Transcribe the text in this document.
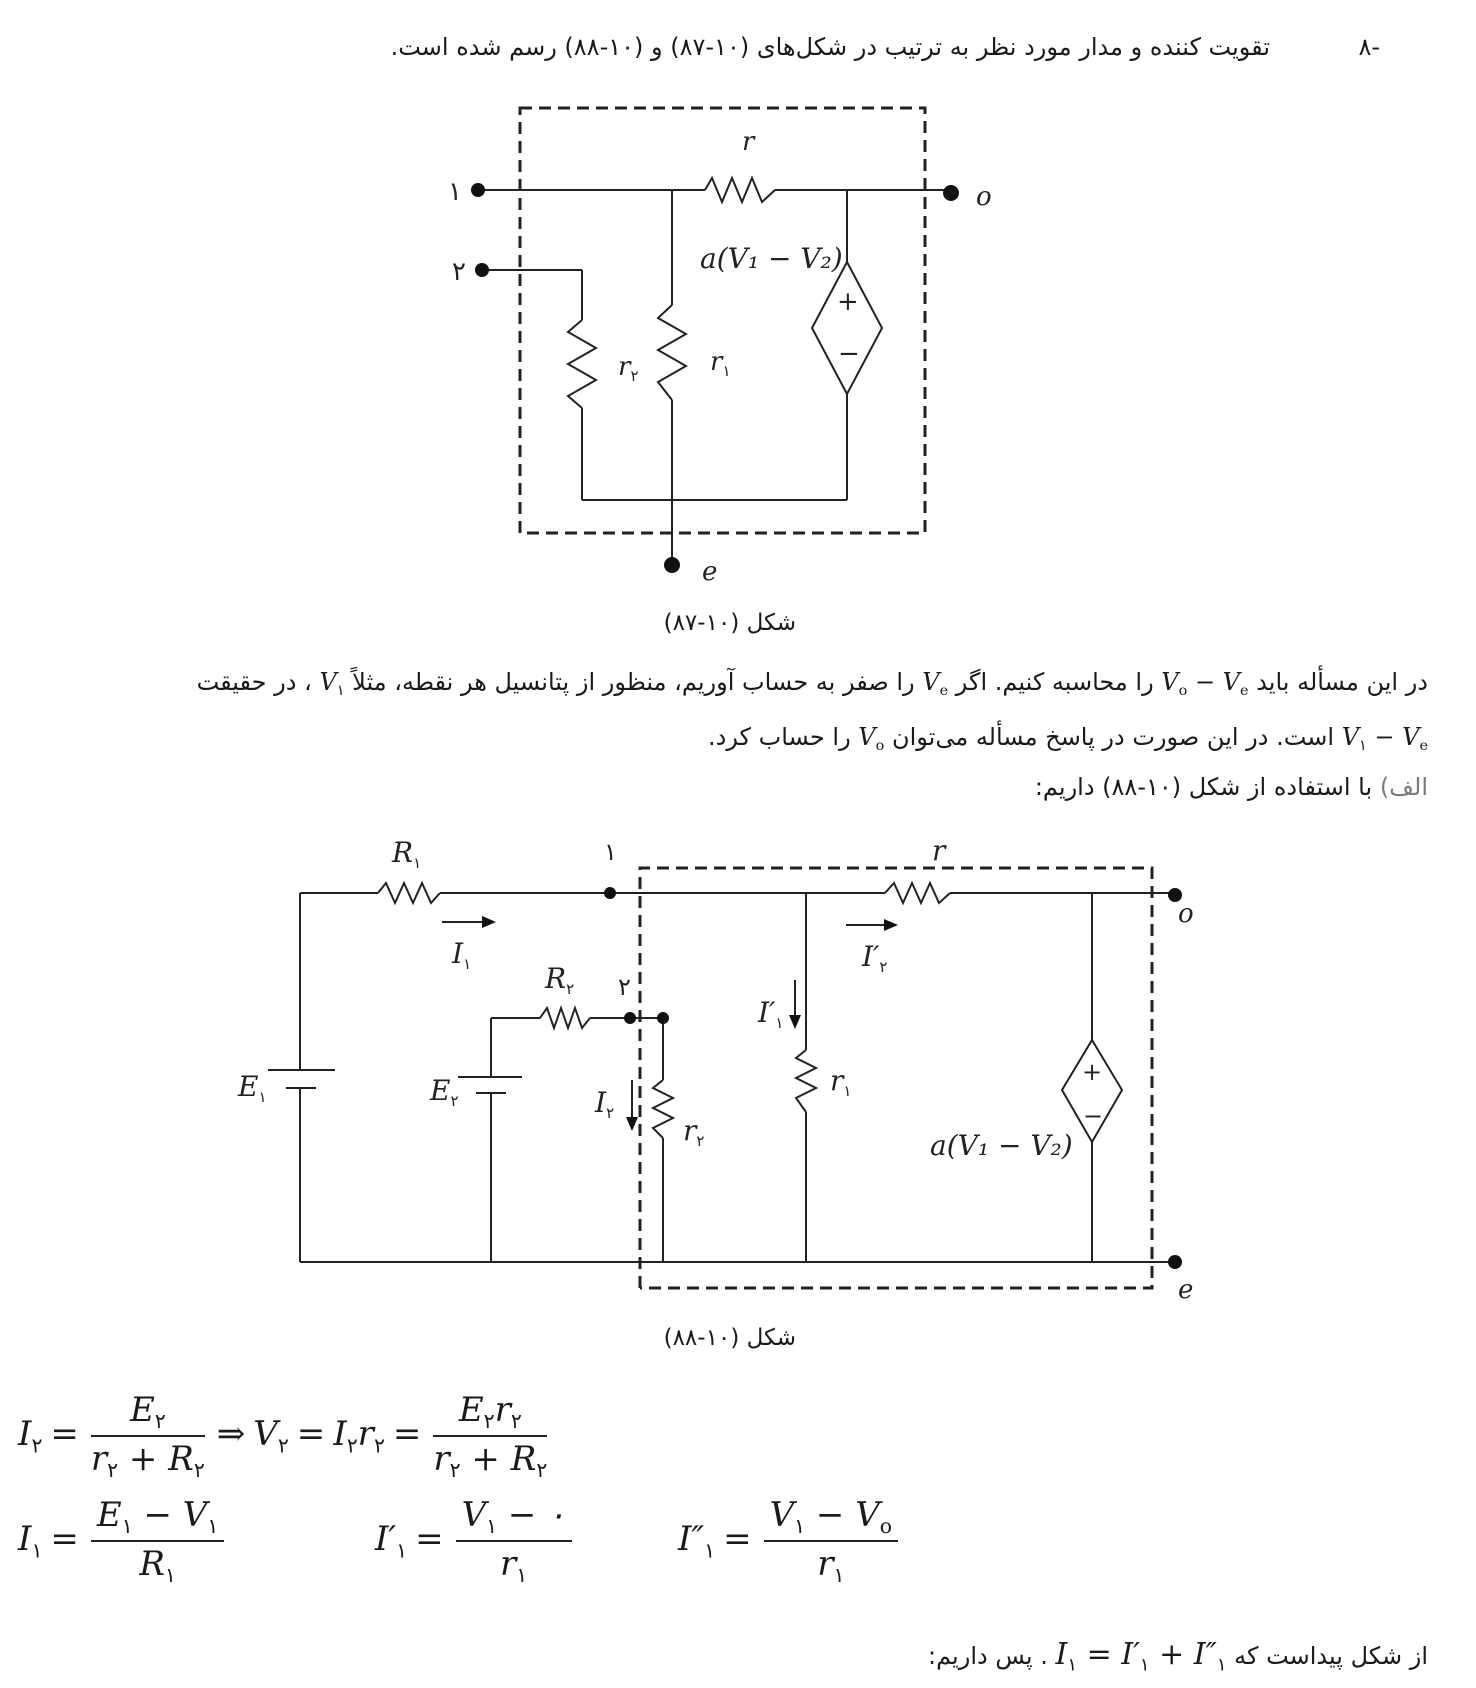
-۸
تقویت کننده و مدار مورد نظر به ترتیب در شکل‌های (۱۰-۸۷) و (۱۰-۸۸) رسم شده است.
۱
۲
r
o
e
$r_۲$	$r_۱$
a(V₁ − V₂)
+
−
شکل (۱۰-۸۷)
در این مسأله باید $V_o - V_e$ را محاسبه کنیم. اگر $V_e$ را صفر به حساب آوریم، منظور از پتانسیل هر نقطه، مثلاً $V_۱$ ، در حقیقت
$V_۱ - V_e$ است. در این صورت در پاسخ مسأله می‌توان $V_o$ را حساب کرد.
الف) با استفاده از شکل (۱۰-۸۸) داریم:
$R_۱$	۱	r
o
e
$I_۱$	$I'_۲$
$R_۲$ ۲
$I'_۱$
$E_۱$	$E_۲$
$r_۱$
$I_۲$
$r_۲$	a(V₁ − V₂)
+
−
شکل (۱۰-۸۸)
$I_۲ = \frac{E_۲}{r_۲ + R_۲}$ ⇒ $V_۲ = I_۲r_۲ = \frac{E_۲r_۲}{r_۲ + R_۲}$
$I_۱ = \frac{E_۱ - V_۱}{R_۱}$	$I'_۱ = \frac{V_۱ - ۰}{r_۱}$	$I''_۱ = \frac{V_۱ - V_o}{r_۱}$
از شکل پیداست که $I_۱ = I'_۱ + I''_۱$ . پس داریم:
